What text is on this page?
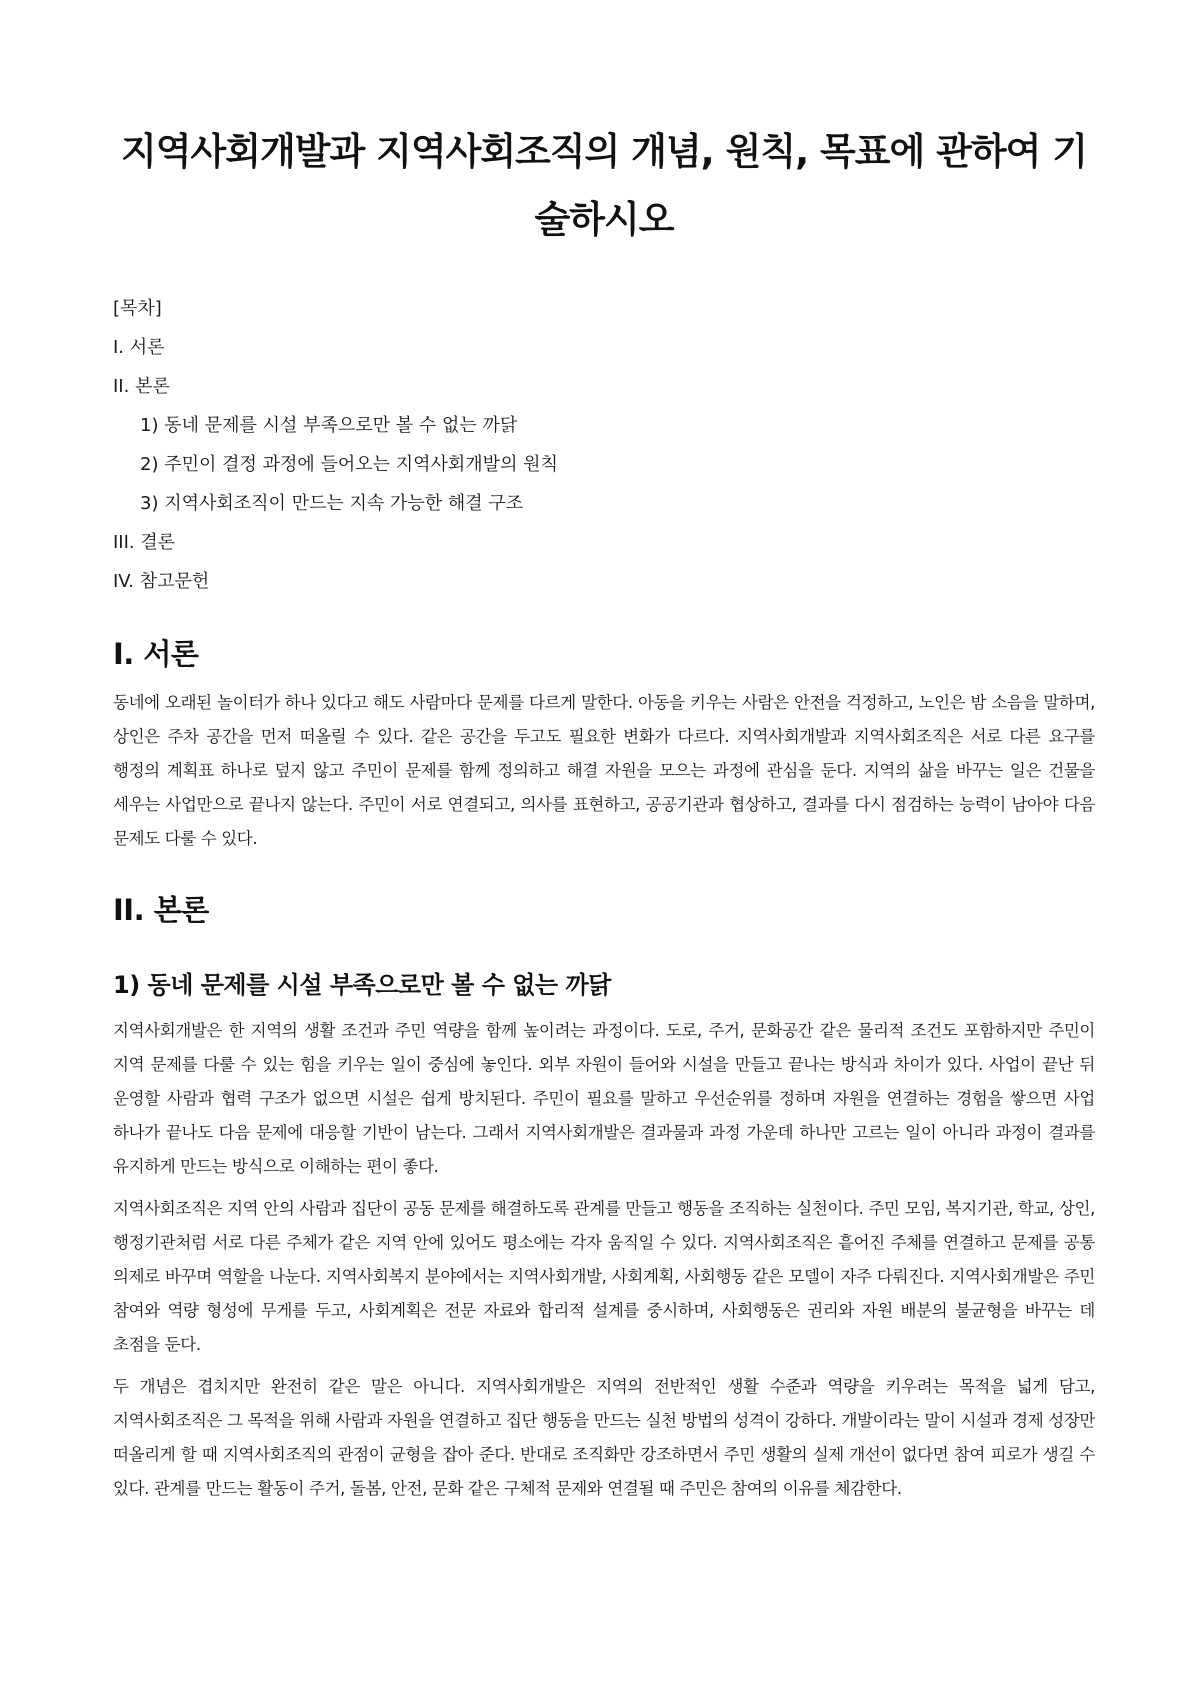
지역사회개발과 지역사회조직의 개념, 원칙, 목표에 관하여 기술하시오

[목차]

I. 서론

II. 본론

1) 동네 문제를 시설 부족으로만 볼 수 없는 까닭

2) 주민이 결정 과정에 들어오는 지역사회개발의 원칙

3) 지역사회조직이 만드는 지속 가능한 해결 구조

III. 결론

IV. 참고문헌

I. 서론

동네에 오래된 놀이터가 하나 있다고 해도 사람마다 문제를 다르게 말한다. 아동을 키우는 사람은 안전을 걱정하고, 노인은 밤 소음을 말하며, 상인은 주차 공간을 먼저 떠올릴 수 있다. 같은 공간을 두고도 필요한 변화가 다르다. 지역사회개발과 지역사회조직은 서로 다른 요구를 행정의 계획표 하나로 덮지 않고 주민이 문제를 함께 정의하고 해결 자원을 모으는 과정에 관심을 둔다. 지역의 삶을 바꾸는 일은 건물을 세우는 사업만으로 끝나지 않는다. 주민이 서로 연결되고, 의사를 표현하고, 공공기관과 협상하고, 결과를 다시 점검하는 능력이 남아야 다음 문제도 다룰 수 있다.

II. 본론
1) 동네 문제를 시설 부족으로만 볼 수 없는 까닭

지역사회개발은 한 지역의 생활 조건과 주민 역량을 함께 높이려는 과정이다. 도로, 주거, 문화공간 같은 물리적 조건도 포함하지만 주민이 지역 문제를 다룰 수 있는 힘을 키우는 일이 중심에 놓인다. 외부 자원이 들어와 시설을 만들고 끝나는 방식과 차이가 있다. 사업이 끝난 뒤 운영할 사람과 협력 구조가 없으면 시설은 쉽게 방치된다. 주민이 필요를 말하고 우선순위를 정하며 자원을 연결하는 경험을 쌓으면 사업 하나가 끝나도 다음 문제에 대응할 기반이 남는다. 그래서 지역사회개발은 결과물과 과정 가운데 하나만 고르는 일이 아니라 과정이 결과를 유지하게 만드는 방식으로 이해하는 편이 좋다.

지역사회조직은 지역 안의 사람과 집단이 공동 문제를 해결하도록 관계를 만들고 행동을 조직하는 실천이다. 주민 모임, 복지기관, 학교, 상인, 행정기관처럼 서로 다른 주체가 같은 지역 안에 있어도 평소에는 각자 움직일 수 있다. 지역사회조직은 흩어진 주체를 연결하고 문제를 공통 의제로 바꾸며 역할을 나눈다. 지역사회복지 분야에서는 지역사회개발, 사회계획, 사회행동 같은 모델이 자주 다뤄진다. 지역사회개발은 주민 참여와 역량 형성에 무게를 두고, 사회계획은 전문 자료와 합리적 설계를 중시하며, 사회행동은 권리와 자원 배분의 불균형을 바꾸는 데 초점을 둔다.

두 개념은 겹치지만 완전히 같은 말은 아니다. 지역사회개발은 지역의 전반적인 생활 수준과 역량을 키우려는 목적을 넓게 담고, 지역사회조직은 그 목적을 위해 사람과 자원을 연결하고 집단 행동을 만드는 실천 방법의 성격이 강하다. 개발이라는 말이 시설과 경제 성장만 떠올리게 할 때 지역사회조직의 관점이 균형을 잡아 준다. 반대로 조직화만 강조하면서 주민 생활의 실제 개선이 없다면 참여 피로가 생길 수 있다. 관계를 만드는 활동이 주거, 돌봄, 안전, 문화 같은 구체적 문제와 연결될 때 주민은 참여의 이유를 체감한다.
